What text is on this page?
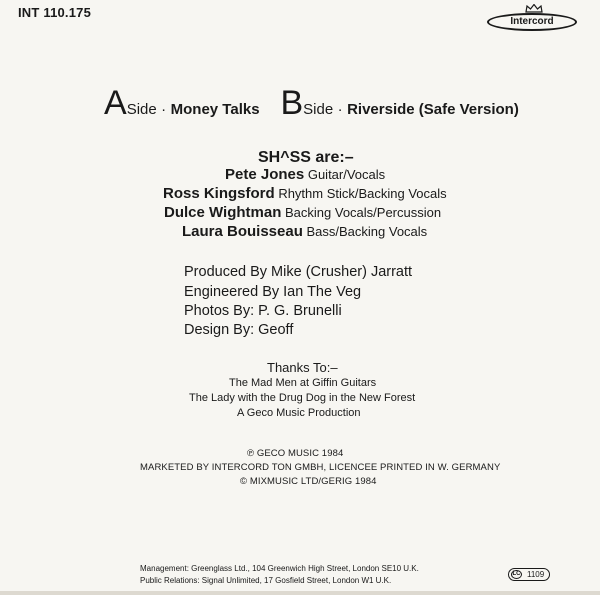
INT 110.175
Intercord
ASide · Money Talks BSide · Riverside (Safe Version)
SH^SS are:–
Pete Jones Guitar/Vocals
Ross Kingsford Rhythm Stick/Backing Vocals
Dulce Wightman Backing Vocals/Percussion
Laura Bouisseau Bass/Backing Vocals
Produced By Mike (Crusher) Jarratt
Engineered By Ian The Veg
Photos By: P. G. Brunelli
Design By: Geoff
Thanks To:–
The Mad Men at Giffin Guitars
The Lady with the Drug Dog in the New Forest
A Geco Music Production
℗ GECO MUSIC 1984
MARKETED BY INTERCORD TON GMBH, LICENCEE PRINTED IN W. GERMANY
© MIXMUSIC LTD/GERIG 1984
Management: Greenglass Ltd., 104 Greenwich High Street, London SE10 U.K.
Public Relations: Signal Unlimited, 17 Gosfield Street, London W1 U.K.
LC 1109
